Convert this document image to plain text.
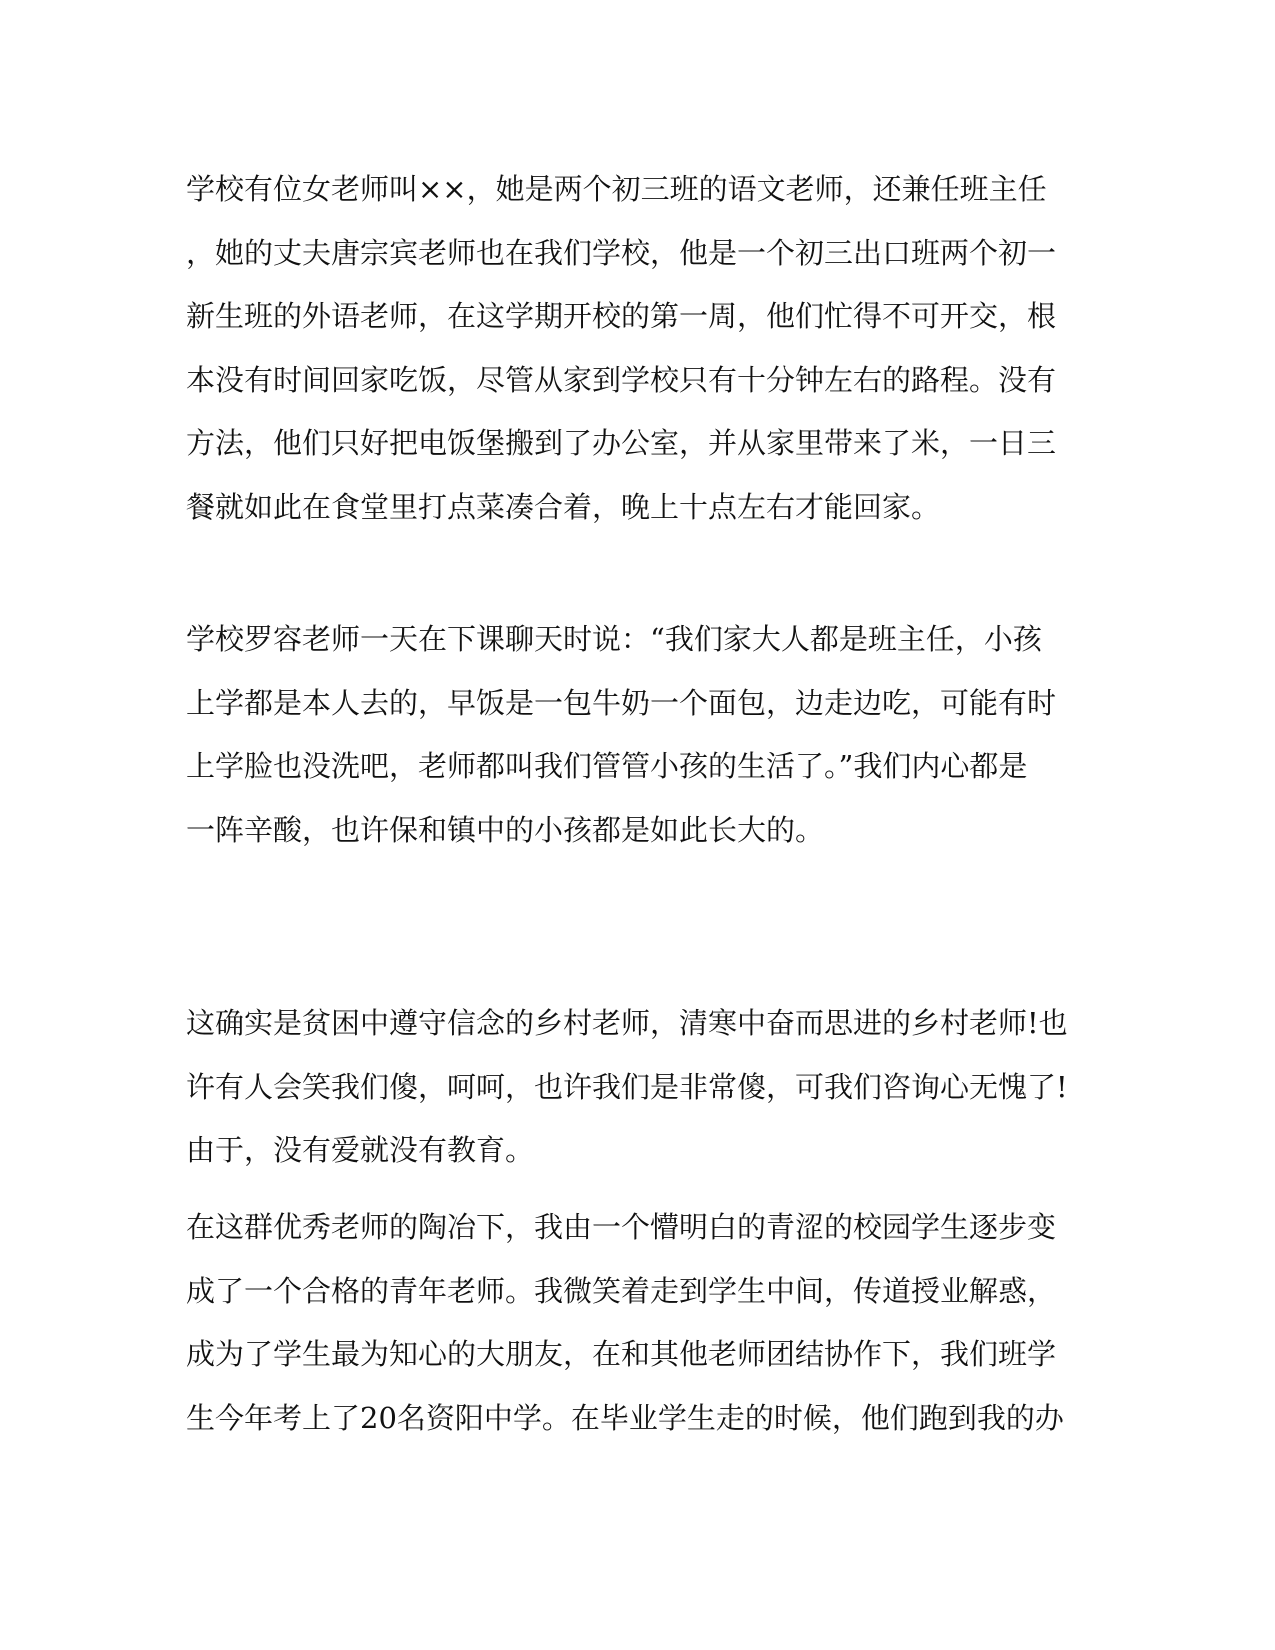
学校有位女老师叫××，她是两个初三班的语文老师，还兼任班主任
，她的丈夫唐宗宾老师也在我们学校，他是一个初三出口班两个初一
新生班的外语老师，在这学期开校的第一周，他们忙得不可开交，根
本没有时间回家吃饭，尽管从家到学校只有十分钟左右的路程。没有
方法，他们只好把电饭堡搬到了办公室，并从家里带来了米，一日三
餐就如此在食堂里打点菜凑合着，晚上十点左右才能回家。
学校罗容老师一天在下课聊天时说：“我们家大人都是班主任，小孩
上学都是本人去的，早饭是一包牛奶一个面包，边走边吃，可能有时
上学脸也没洗吧，老师都叫我们管管小孩的生活了。”我们内心都是
一阵辛酸，也许保和镇中的小孩都是如此长大的。
这确实是贫困中遵守信念的乡村老师，清寒中奋而思进的乡村老师!也
许有人会笑我们傻，呵呵，也许我们是非常傻，可我们咨询心无愧了!
由于，没有爱就没有教育。
在这群优秀老师的陶冶下，我由一个懵明白的青涩的校园学生逐步变
成了一个合格的青年老师。我微笑着走到学生中间，传道授业解惑，
成为了学生最为知心的大朋友，在和其他老师团结协作下，我们班学
生今年考上了20名资阳中学。在毕业学生走的时候，他们跑到我的办
